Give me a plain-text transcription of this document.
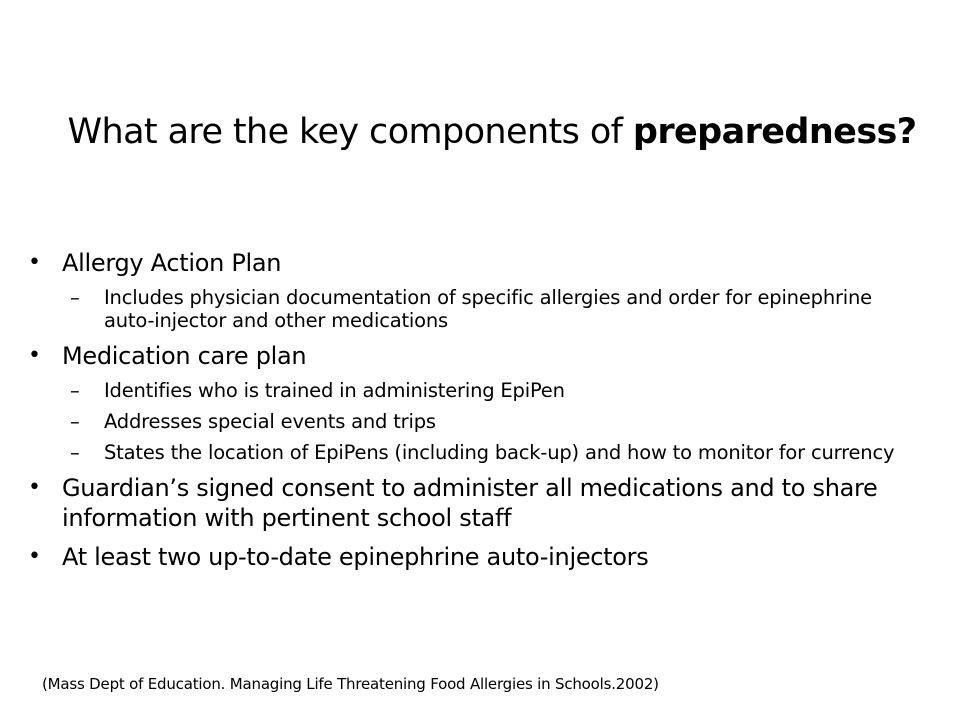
What are the key components of preparedness?
• Allergy Action Plan
–	Includes physician documentation of specific allergies and order for epinephrine auto-injector and other medications
• Medication care plan
–	Identifies who is trained in administering EpiPen
–	Addresses special events and trips
–	States the location of EpiPens (including back-up) and how to monitor for currency
• Guardian’s signed consent to administer all medications and to share information with pertinent school staff
• At least two up-to-date epinephrine auto-injectors
(Mass Dept of Education. Managing Life Threatening Food Allergies in Schools.2002)
